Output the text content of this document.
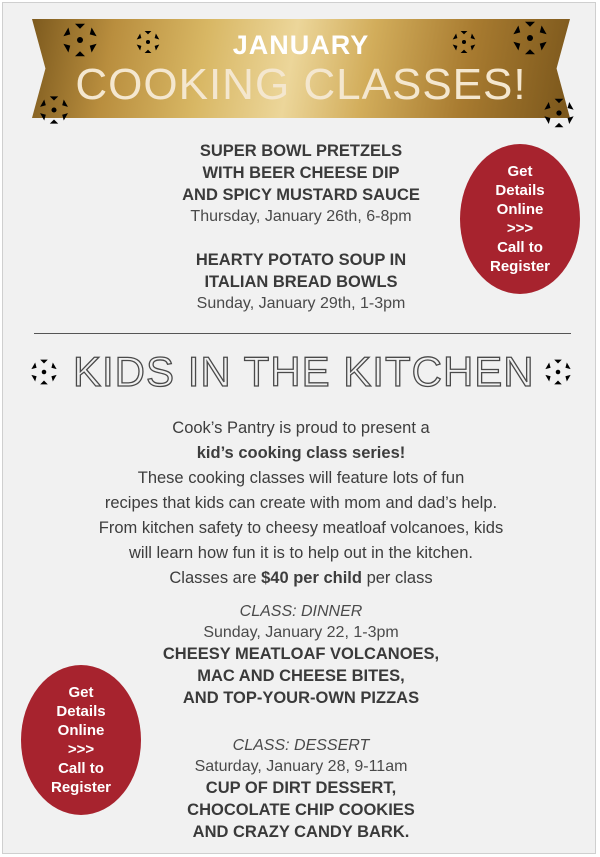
JANUARY
COOKING CLASSES!
SUPER BOWL PRETZELS
WITH BEER CHEESE DIP
AND SPICY MUSTARD SAUCE
Thursday, January 26th, 6-8pm
HEARTY POTATO SOUP IN
ITALIAN BREAD BOWLS
Sunday, January 29th, 1-3pm
Get
Details
Online
>>>
Call to
Register
KIDS IN THE KITCHEN
Cook’s Pantry is proud to present a
kid’s cooking class series!
These cooking classes will feature lots of fun
recipes that kids can create with mom and dad’s help.
From kitchen safety to cheesy meatloaf volcanoes, kids
will learn how fun it is to help out in the kitchen.
Classes are $40 per child per class
CLASS: DINNER
Sunday, January 22, 1-3pm
CHEESY MEATLOAF VOLCANOES,
MAC AND CHEESE BITES,
AND TOP-YOUR-OWN PIZZAS
CLASS: DESSERT
Saturday, January 28, 9-11am
CUP OF DIRT DESSERT,
CHOCOLATE CHIP COOKIES
AND CRAZY CANDY BARK.
Get
Details
Online
>>>
Call to
Register
